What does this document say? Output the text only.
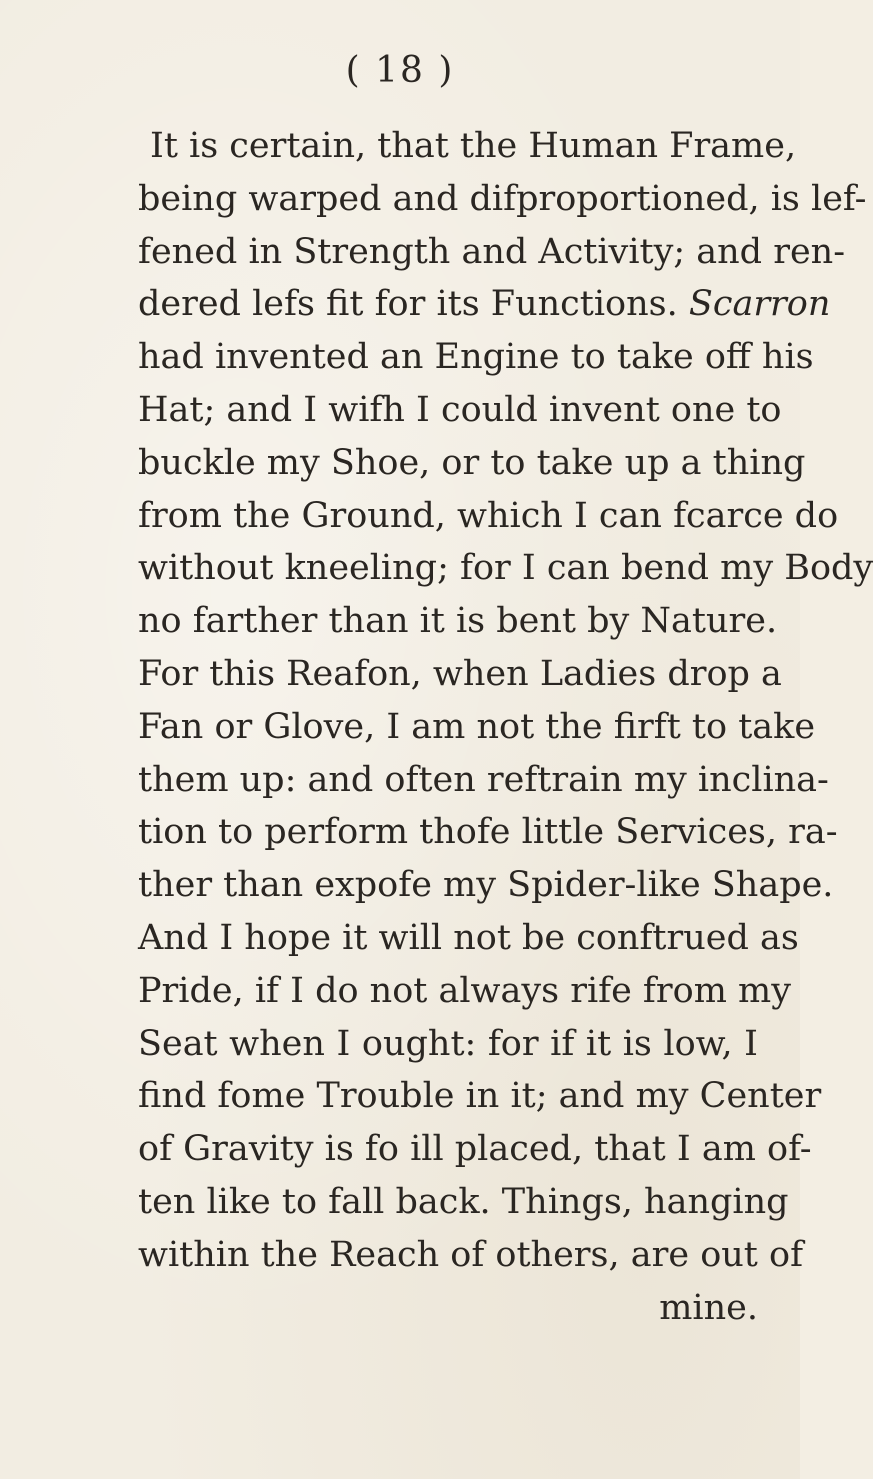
( 18 )
It is certain, that the Human Frame,
being warped and difproportioned, is lef-
fened in Strength and Activity; and ren-
dered lefs fit for its Functions. Scarron
had invented an Engine to take off his
Hat; and I wifh I could invent one to
buckle my Shoe, or to take up a thing
from the Ground, which I can fcarce do
without kneeling; for I can bend my Body
no farther than it is bent by Nature.
For this Reafon, when Ladies drop a
Fan or Glove, I am not the firft to take
them up: and often reftrain my inclina-
tion to perform thofe little Services, ra-
ther than expofe my Spider-like Shape.
And I hope it will not be conftrued as
Pride, if I do not always rife from my
Seat when I ought: for if it is low, I
find fome Trouble in it; and my Center
of Gravity is fo ill placed, that I am of-
ten like to fall back. Things, hanging
within the Reach of others, are out of
mine.
